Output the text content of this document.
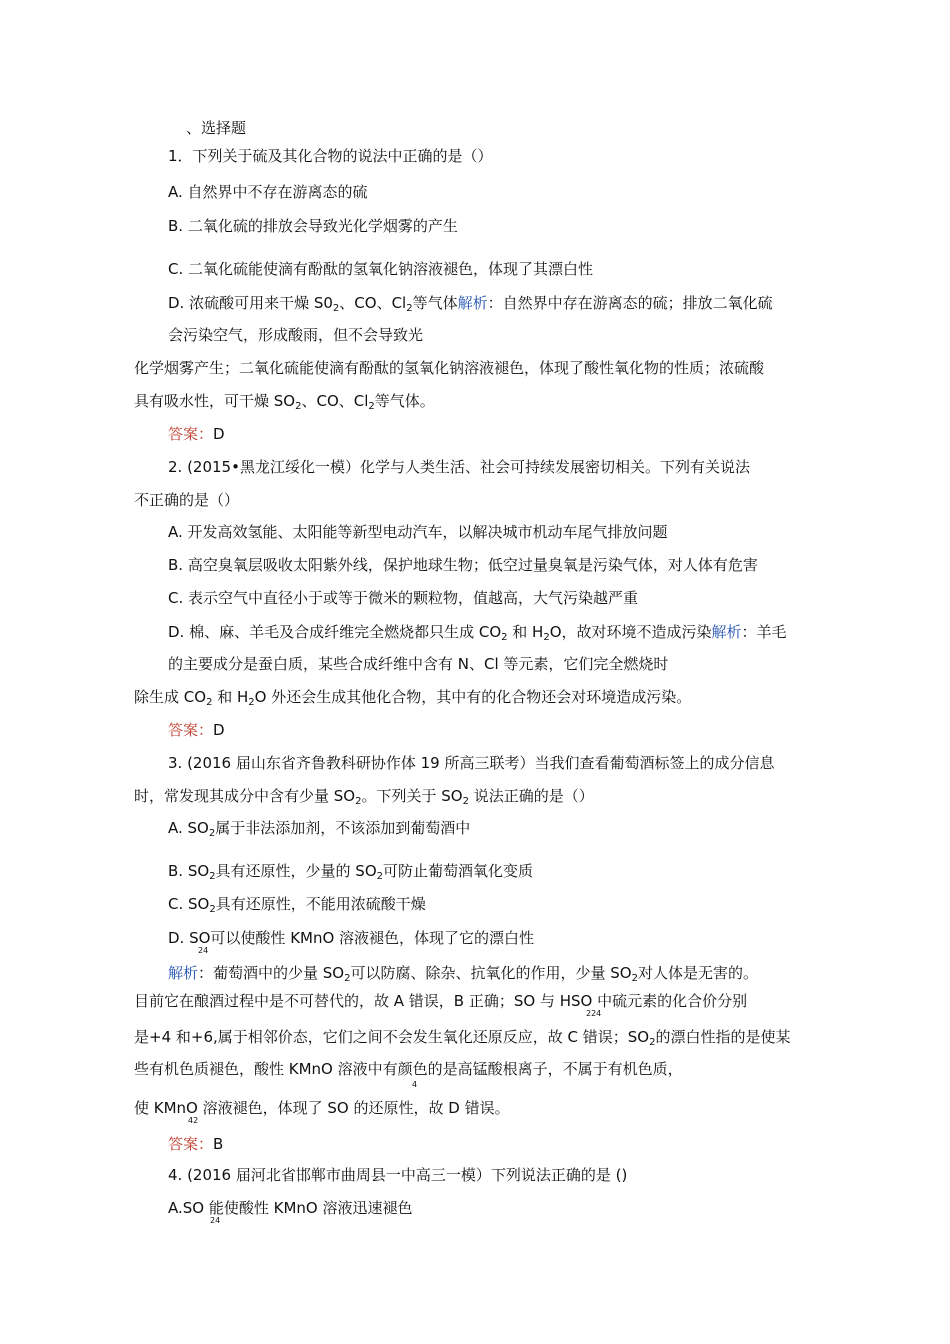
、选择题
1．下列关于硫及其化合物的说法中正确的是（）
A. 自然界中不存在游离态的硫
B. 二氧化硫的排放会导致光化学烟雾的产生
C. 二氧化硫能使滴有酚酞的氢氧化钠溶液褪色，体现了其漂白性
D. 浓硫酸可用来干燥 $S0_2$、CO、$Cl_2$等气体解析：自然界中存在游离态的硫；排放二氧化硫
会污染空气，形成酸雨，但不会导致光
化学烟雾产生；二氧化硫能使滴有酚酞的氢氧化钠溶液褪色，体现了酸性氧化物的性质；浓硫酸
具有吸水性，可干燥 $SO_2$、CO、$Cl_2$等气体。
答案：D
2. (2015•黑龙江绥化一模）化学与人类生活、社会可持续发展密切相关。下列有关说法
不正确的是（）
A. 开发高效氢能、太阳能等新型电动汽车，以解决城市机动车尾气排放问题
B. 高空臭氧层吸收太阳紫外线，保护地球生物；低空过量臭氧是污染气体，对人体有危害
C. 表示空气中直径小于或等于微米的颗粒物，值越高，大气污染越严重
D. 棉、麻、羊毛及合成纤维完全燃烧都只生成 $CO_2$ 和 $H_2O$，故对环境不造成污染解析：羊毛
的主要成分是蚕白质，某些合成纤维中含有 N、Cl 等元素，它们完全燃烧时
除生成 $CO_2$ 和 $H_2O$ 外还会生成其他化合物，其中有的化合物还会对环境造成污染。
答案：D
3. (2016 届山东省齐鲁教科研协作体 19 所高三联考）当我们查看葡萄酒标签上的成分信息
时，常发现其成分中含有少量 $SO_2$。下列关于 $SO_2$ 说法正确的是（）
A. $SO_2$属于非法添加剂，不该添加到葡萄酒中
B. $SO_2$具有还原性，少量的 $SO_2$可防止葡萄酒氧化变质
C. $SO_2$具有还原性，不能用浓硫酸干燥
D. SO可以使酸性 KMnO 溶液褪色，体现了它的漂白性
24
解析：葡萄酒中的少量 $SO_2$可以防腐、除杂、抗氧化的作用，少量 $SO_2$对人体是无害的。
目前它在酿酒过程中是不可替代的，故 A 错误，B 正确；SO 与 HSO 中硫元素的化合价分别
224
是+4 和+6,属于相邻价态，它们之间不会发生氧化还原反应，故 C 错误；$SO_2$的漂白性指的是使某
些有机色质褪色，酸性 KMnO 溶液中有颜色的是高锰酸根离子，不属于有机色质，
4
使 KMnO 溶液褪色，体现了 SO 的还原性，故 D 错误。
42
答案：B
4. (2016 届河北省邯郸市曲周县一中高三一模）下列说法正确的是 ()
A.SO 能使酸性 KMnO 溶液迅速褪色
24
